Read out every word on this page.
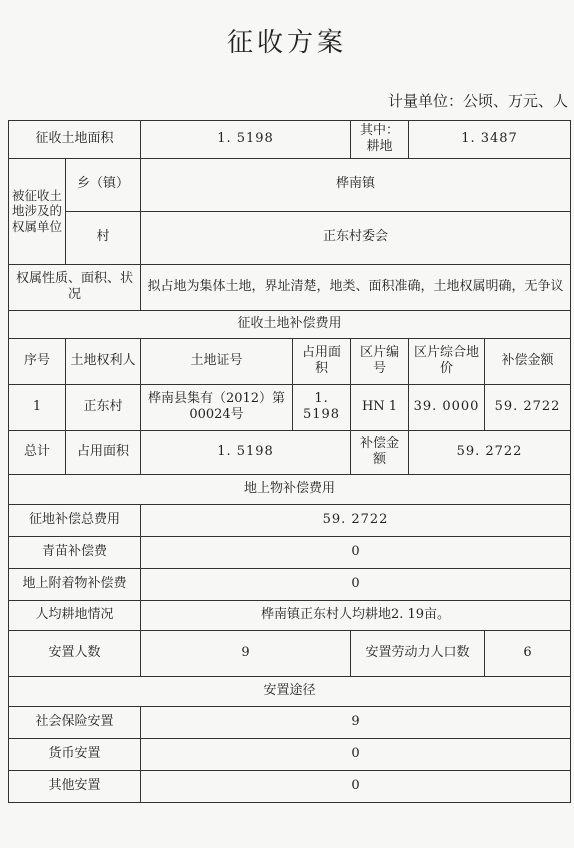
征收方案
计量单位：公顷、万元、人
征收土地面积		1. 5198		其中：耕地	1. 3487	
被征收土地涉及的权属单位	乡（镇）	桦南镇				
	村	正东村委会				
权属性质、面积、状况		拟占地为集体土地，界址清楚，地类、面积准确，土地权属明确，无争议				
征收土地补偿费用						
序号	土地权利人	土地证号	占用面积	区片编号	区片综合地价	补偿金额
1	正东村	桦南县集有（2012）第00024号	1. 5198	HN 1	39. 0000	59. 2722
总计	占用面积	1. 5198		补偿金额	59. 2722	
地上物补偿费用						
征地补偿总费用		59. 2722				
青苗补偿费		0				
地上附着物补偿费		0				
人均耕地情况		桦南镇正东村人均耕地2. 19亩。				
安置人数		9		安置劳动力人口数		6
安置途径						
社会保险安置		9				
货币安置		0				
其他安置		0				
